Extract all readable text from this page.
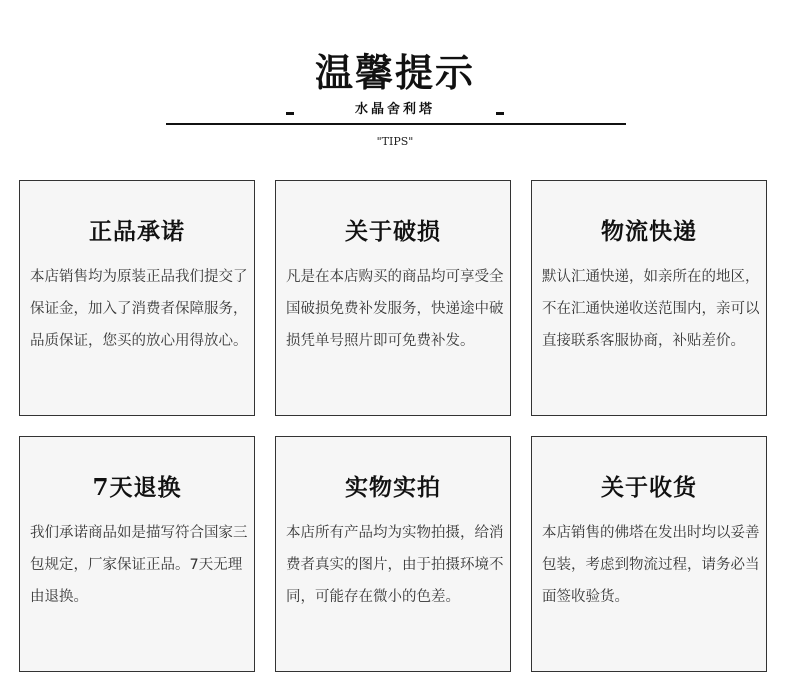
温馨提示
水晶舍利塔
"TIPS"
正品承诺
本店销售均为原装正品我们提交了保证金，加入了消费者保障服务，品质保证，您买的放心用得放心。
关于破损
凡是在本店购买的商品均可享受全国破损免费补发服务，快递途中破损凭单号照片即可免费补发。
物流快递
默认汇通快递，如亲所在的地区，不在汇通快递收送范围内，亲可以直接联系客服协商，补贴差价。
7天退换
我们承诺商品如是描写符合国家三包规定，厂家保证正品。7天无理由退换。
实物实拍
本店所有产品均为实物拍摄，给消费者真实的图片，由于拍摄环境不同，可能存在微小的色差。
关于收货
本店销售的佛塔在发出时均以妥善包装，考虑到物流过程，请务必当面签收验货。
